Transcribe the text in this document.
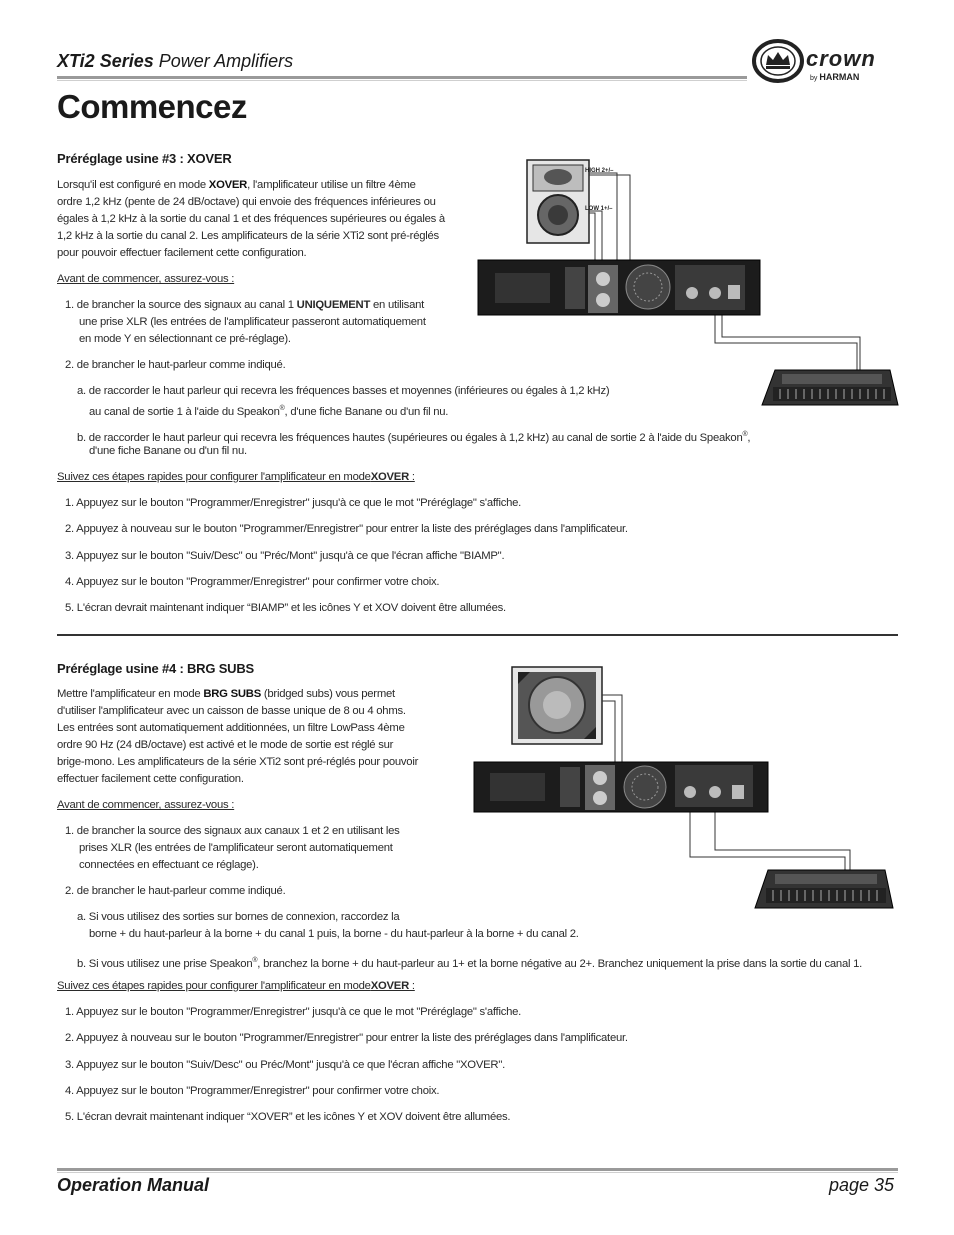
XTi2 Series Power Amplifiers	crown
by HARMAN
Commencez
Préréglage usine #3 : XOVER
Lorsqu'il est configuré en mode XOVER, l'amplificateur utilise un filtre 4ème
ordre 1,2 kHz (pente de 24 dB/octave) qui envoie des fréquences inférieures ou
égales à 1,2 kHz à la sortie du canal 1 et des fréquences supérieures ou égales à
1,2 kHz à la sortie du canal 2. Les amplificateurs de la série XTi2 sont pré-réglés
pour pouvoir effectuer facilement cette configuration.
Avant de commencer, assurez-vous :
1. de brancher la source des signaux au canal 1 UNIQUEMENT en utilisant
une prise XLR (les entrées de l'amplificateur passeront automatiquement
en mode Y en sélectionnant ce pré-réglage).
2. de brancher le haut-parleur comme indiqué.
a. de raccorder le haut parleur qui recevra les fréquences basses et moyennes (inférieures ou égales à 1,2 kHz)
au canal de sortie 1 à l'aide du Speakon®, d'une fiche Banane ou d'un fil nu.
b. de raccorder le haut parleur qui recevra les fréquences hautes (supérieures ou égales à 1,2 kHz) au canal de sortie 2 à l'aide du Speakon®,
d'une fiche Banane ou d'un fil nu.
Suivez ces étapes rapides pour configurer l'amplificateur en modeXOVER :
1. Appuyez sur le bouton "Programmer/Enregistrer" jusqu'à ce que le mot "Préréglage" s'affiche.
2. Appuyez à nouveau sur le bouton "Programmer/Enregistrer" pour entrer la liste des préréglages dans l'amplificateur.
3. Appuyez sur le bouton "Suiv/Desc" ou "Préc/Mont" jusqu'à ce que l'écran affiche "BIAMP".
4. Appuyez sur le bouton "Programmer/Enregistrer" pour confirmer votre choix.
5. L'écran devrait maintenant indiquer “BIAMP” et les icônes Y et XOV doivent être allumées.
HIGH 2+/–
LOW 1+/–
Préréglage usine #4 : BRG SUBS
Mettre l'amplificateur en mode BRG SUBS (bridged subs) vous permet
d'utiliser l'amplificateur avec un caisson de basse unique de 8 ou 4 ohms.
Les entrées sont automatiquement additionnées, un filtre LowPass 4ème
ordre 90 Hz (24 dB/octave) est activé et le mode de sortie est réglé sur
brige-mono. Les amplificateurs de la série XTi2 sont pré-réglés pour pouvoir
effectuer facilement cette configuration.
Avant de commencer, assurez-vous :
1. de brancher la source des signaux aux canaux 1 et 2 en utilisant les
prises XLR (les entrées de l'amplificateur seront automatiquement
connectées en effectuant ce réglage).
2. de brancher le haut-parleur comme indiqué.
a. Si vous utilisez des sorties sur bornes de connexion, raccordez la
borne + du haut-parleur à la borne + du canal 1 puis, la borne - du haut-parleur à la borne + du canal 2.
b. Si vous utilisez une prise Speakon®, branchez la borne + du haut-parleur au 1+ et la borne négative au 2+. Branchez uniquement la prise dans la sortie du canal 1.
Suivez ces étapes rapides pour configurer l'amplificateur en modeXOVER :
1. Appuyez sur le bouton "Programmer/Enregistrer" jusqu'à ce que le mot "Préréglage" s'affiche.
2. Appuyez à nouveau sur le bouton "Programmer/Enregistrer" pour entrer la liste des préréglages dans l'amplificateur.
3. Appuyez sur le bouton "Suiv/Desc" ou Préc/Mont" jusqu'à ce que l'écran affiche "XOVER".
4. Appuyez sur le bouton "Programmer/Enregistrer" pour confirmer votre choix.
5. L'écran devrait maintenant indiquer “XOVER” et les icônes Y et XOV doivent être allumées.
Operation Manual	page 35
